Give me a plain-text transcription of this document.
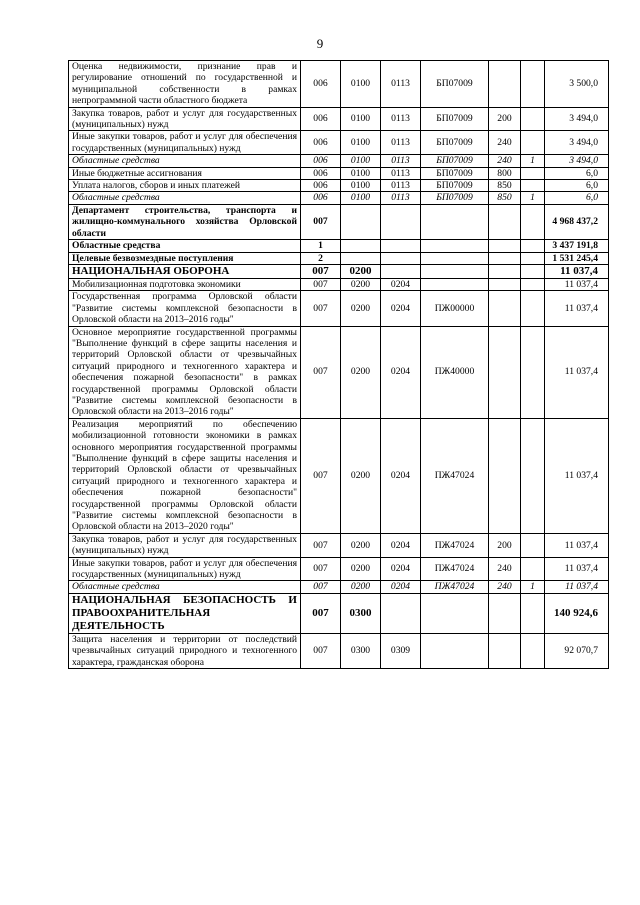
9
Оценка недвижимости, признание прав и регулирование отношений по государственной и муниципальной собственности в рамках непрограммной части областного бюджета	006	0100	0113	БП07009			3 500,0
Закупка товаров, работ и услуг для государственных (муниципальных) нужд	006	0100	0113	БП07009	200		3 494,0
Иные закупки товаров, работ и услуг для обеспечения государственных (муниципальных) нужд	006	0100	0113	БП07009	240		3 494,0
Областные средства	006	0100	0113	БП07009	240	1	3 494,0
Иные бюджетные ассигнования	006	0100	0113	БП07009	800		6,0
Уплата налогов, сборов и иных платежей	006	0100	0113	БП07009	850		6,0
Областные средства	006	0100	0113	БП07009	850	1	6,0
Департамент строительства, транспорта и жилищно-коммунального хозяйства Орловской области	007						4 968 437,2
Областные средства	1						3 437 191,8
Целевые безвозмездные поступления	2						1 531 245,4
НАЦИОНАЛЬНАЯ ОБОРОНА	007	0200					11 037,4
Мобилизационная подготовка экономики	007	0200	0204				11 037,4
Государственная программа Орловской области "Развитие системы комплексной безопасности в Орловской области на 2013–2016 годы"	007	0200	0204	ПЖ00000			11 037,4
Основное мероприятие государственной программы "Выполнение функций в сфере защиты населения и территорий Орловской области от чрезвычайных ситуаций природного и техногенного характера и обеспечения пожарной безопасности" в рамках государственной программы Орловской области "Развитие системы комплексной безопасности в Орловской области на 2013–2016 годы"	007	0200	0204	ПЖ40000			11 037,4
Реализация мероприятий по обеспечению мобилизационной готовности экономики в рамках основного мероприятия государственной программы "Выполнение функций в сфере защиты населения и территорий Орловской области от чрезвычайных ситуаций природного и техногенного характера и обеспечения пожарной безопасности" государственной программы Орловской области "Развитие системы комплексной безопасности в Орловской области на 2013–2020 годы"	007	0200	0204	ПЖ47024			11 037,4
Закупка товаров, работ и услуг для государственных (муниципальных) нужд	007	0200	0204	ПЖ47024	200		11 037,4
Иные закупки товаров, работ и услуг для обеспечения государственных (муниципальных) нужд	007	0200	0204	ПЖ47024	240		11 037,4
Областные средства	007	0200	0204	ПЖ47024	240	1	11 037,4
НАЦИОНАЛЬНАЯ БЕЗОПАСНОСТЬ И ПРАВООХРАНИТЕЛЬНАЯ ДЕЯТЕЛЬНОСТЬ	007	0300					140 924,6
Защита населения и территории от последствий чрезвычайных ситуаций природного и техногенного характера, гражданская оборона	007	0300	0309				92 070,7
